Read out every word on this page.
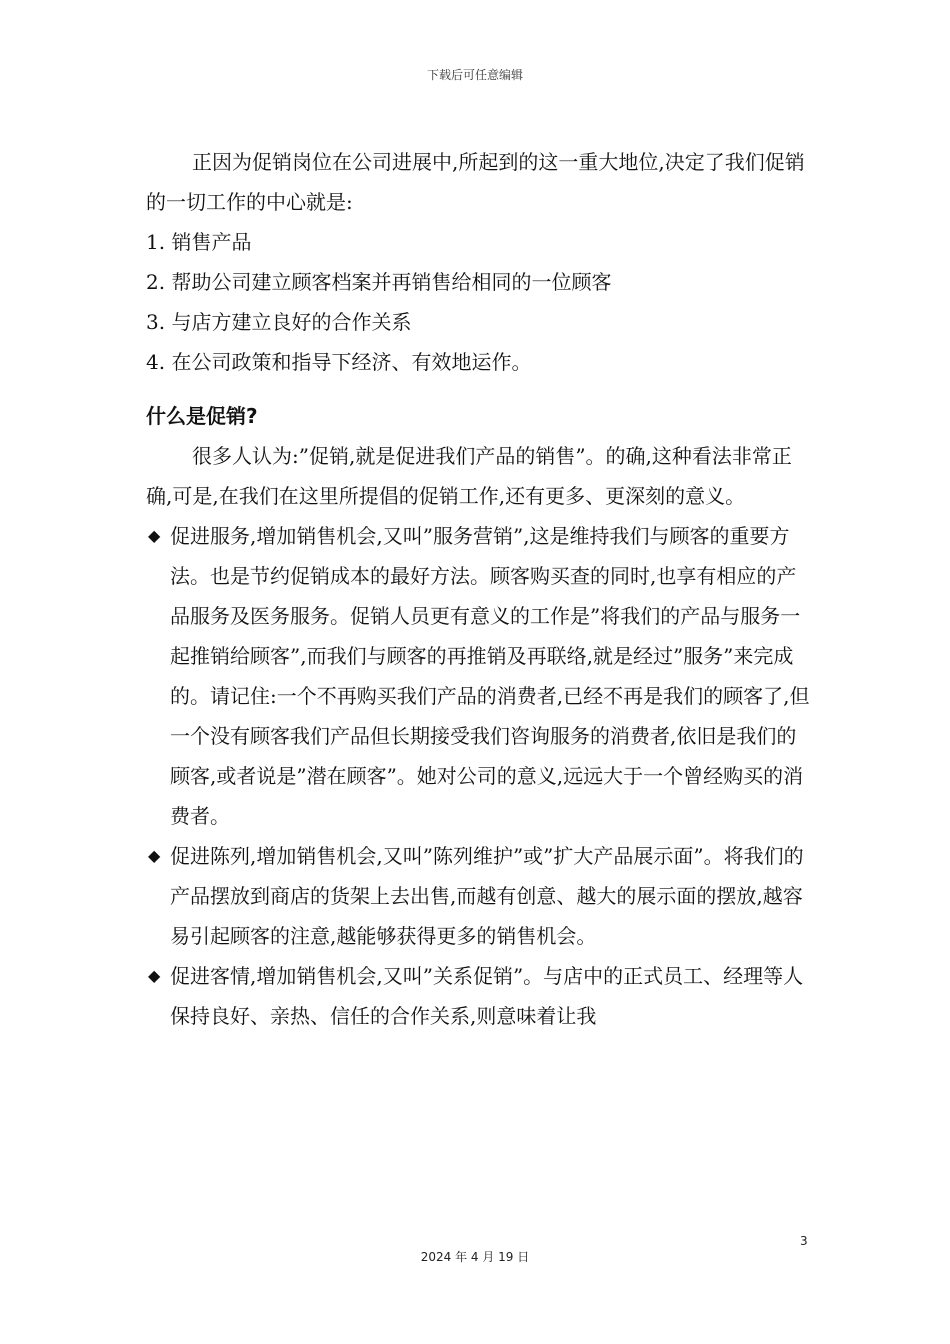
下载后可任意编辑

正因为促销岗位在公司进展中,所起到的这一重大地位,决定了我们促销的一切工作的中心就是:

1. 销售产品

2. 帮助公司建立顾客档案并再销售给相同的一位顾客

3. 与店方建立良好的合作关系

4. 在公司政策和指导下经济、有效地运作。

什么是促销?

很多人认为:”促销,就是促进我们产品的销售”。的确,这种看法非常正确,可是,在我们在这里所提倡的促销工作,还有更多、更深刻的意义。

◆ 促进服务,增加销售机会,又叫”服务营销”,这是维持我们与顾客的重要方法。也是节约促销成本的最好方法。顾客购买查的同时,也享有相应的产品服务及医务服务。促销人员更有意义的工作是”将我们的产品与服务一起推销给顾客”,而我们与顾客的再推销及再联络,就是经过”服务”来完成的。请记住:一个不再购买我们产品的消费者,已经不再是我们的顾客了,但一个没有顾客我们产品但长期接受我们咨询服务的消费者,依旧是我们的顾客,或者说是”潜在顾客”。她对公司的意义,远远大于一个曾经购买的消费者。
◆ 促进陈列,增加销售机会,又叫”陈列维护”或”扩大产品展示面”。将我们的产品摆放到商店的货架上去出售,而越有创意、越大的展示面的摆放,越容易引起顾客的注意,越能够获得更多的销售机会。
◆ 促进客情,增加销售机会,又叫”关系促销”。与店中的正式员工、经理等人保持良好、亲热、信任的合作关系,则意味着让我
3
2024 年 4 月 19 日
